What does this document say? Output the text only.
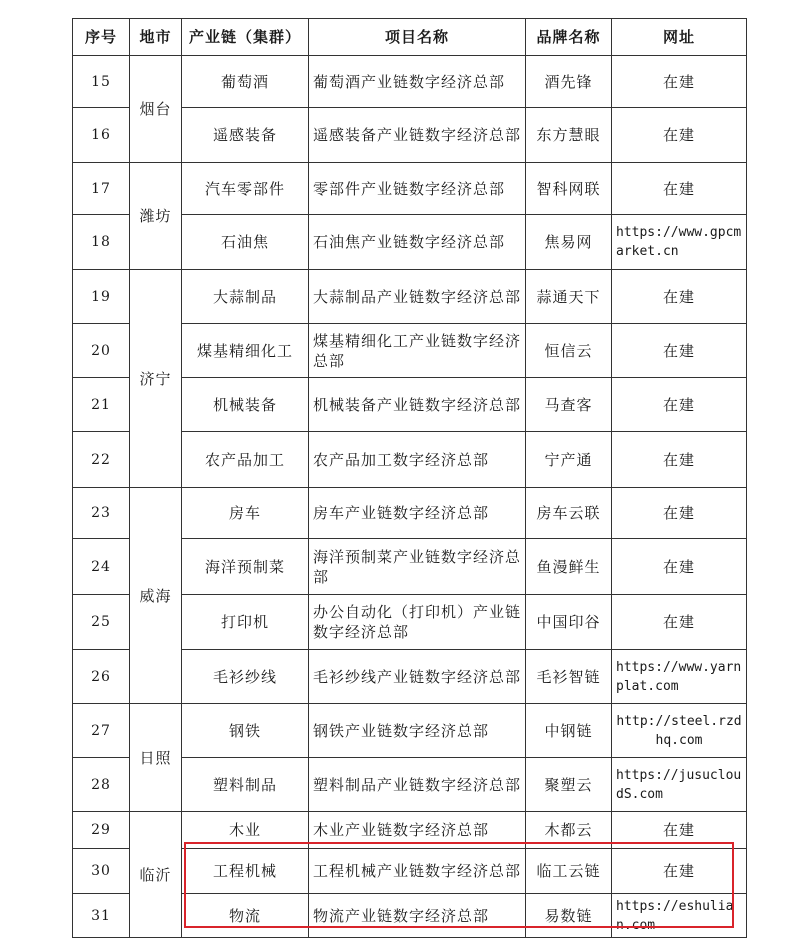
序号	地市	产业链（集群）	项目名称	品牌名称	网址
15	烟台	葡萄酒	葡萄酒产业链数字经济总部	酒先锋	在建
16		遥感装备	遥感装备产业链数字经济总部	东方慧眼	在建
17	潍坊	汽车零部件	零部件产业链数字经济总部	智科网联	在建
18		石油焦	石油焦产业链数字经济总部	焦易网	https://www.gpcmarket.cn
19	济宁	大蒜制品	大蒜制品产业链数字经济总部	蒜通天下	在建
20		煤基精细化工	煤基精细化工产业链数字经济总部	恒信云	在建
21		机械装备	机械装备产业链数字经济总部	马查客	在建
22		农产品加工	农产品加工数字经济总部	宁产通	在建
23	威海	房车	房车产业链数字经济总部	房车云联	在建
24		海洋预制菜	海洋预制菜产业链数字经济总部	鱼漫鲜生	在建
25		打印机	办公自动化（打印机）产业链数字经济总部	中国印谷	在建
26		毛衫纱线	毛衫纱线产业链数字经济总部	毛衫智链	https://www.yarnplat.com
27	日照	钢铁	钢铁产业链数字经济总部	中钢链	http://steel.rzdhq.com
28		塑料制品	塑料制品产业链数字经济总部	聚塑云	https://jusucloudS.com
29	临沂	木业	木业产业链数字经济总部	木都云	在建
30		工程机械	工程机械产业链数字经济总部	临工云链	在建
31		物流	物流产业链数字经济总部	易数链	https://eshulian.com
